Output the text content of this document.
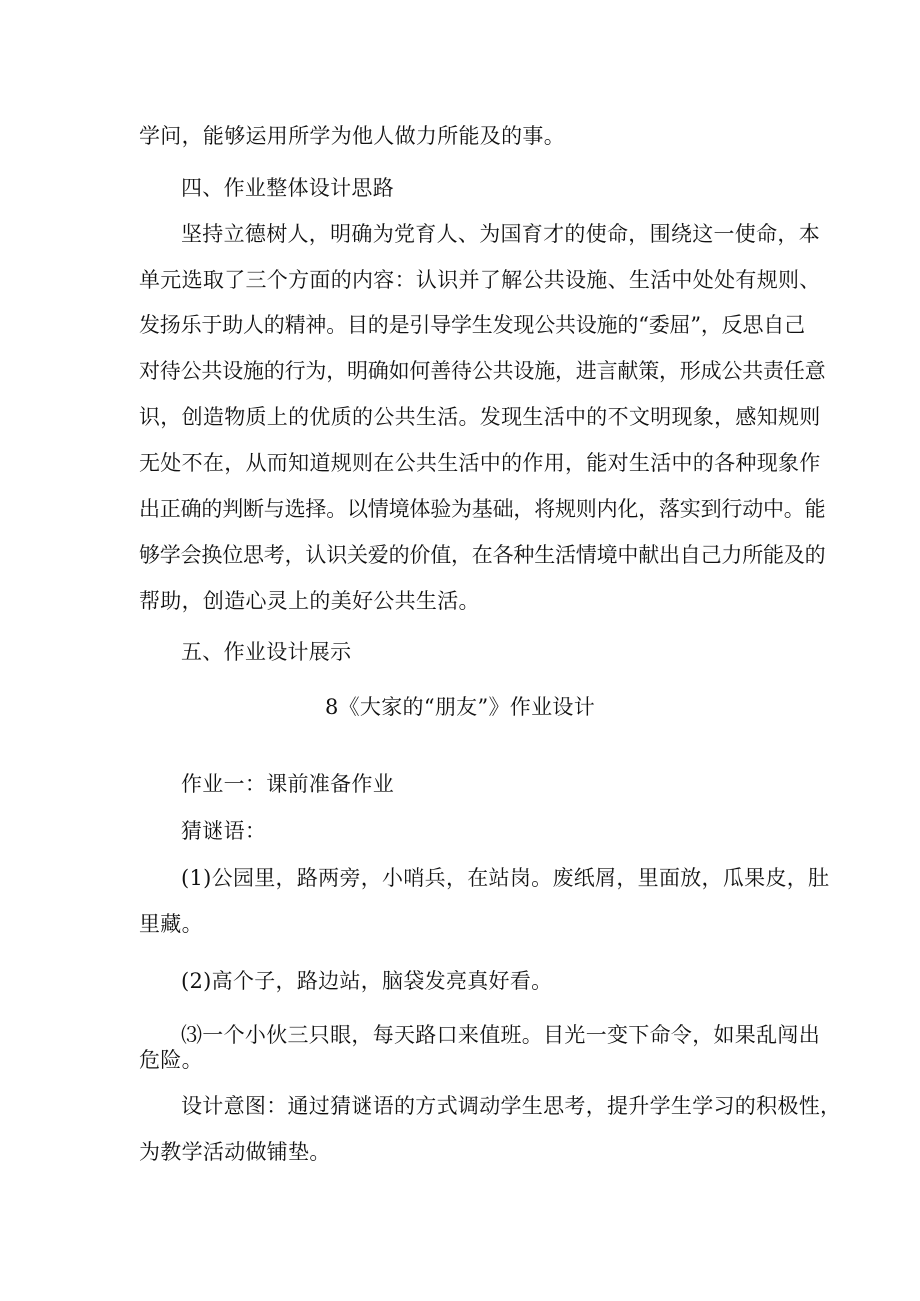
学问，能够运用所学为他人做力所能及的事。
四、作业整体设计思路
坚持立德树人，明确为党育人、为国育才的使命，围绕这一使命，本
单元选取了三个方面的内容：认识并了解公共设施、生活中处处有规则、
发扬乐于助人的精神。目的是引导学生发现公共设施的“委屈”，反思自己
对待公共设施的行为，明确如何善待公共设施，进言献策，形成公共责任意
识，创造物质上的优质的公共生活。发现生活中的不文明现象，感知规则
无处不在，从而知道规则在公共生活中的作用，能对生活中的各种现象作
出正确的判断与选择。以情境体验为基础，将规则内化，落实到行动中。能
够学会换位思考，认识关爱的价值，在各种生活情境中献出自己力所能及的
帮助，创造心灵上的美好公共生活。
五、作业设计展示
8《大家的“朋友”》作业设计
作业一：课前准备作业
猜谜语：
(1)公园里，路两旁，小哨兵，在站岗。废纸屑，里面放，瓜果皮，肚
里藏。
(2)高个子，路边站，脑袋发亮真好看。
⑶一个小伙三只眼，每天路口来值班。目光一变下命令，如果乱闯出
危险。
设计意图：通过猜谜语的方式调动学生思考，提升学生学习的积极性，
为教学活动做铺垫。
